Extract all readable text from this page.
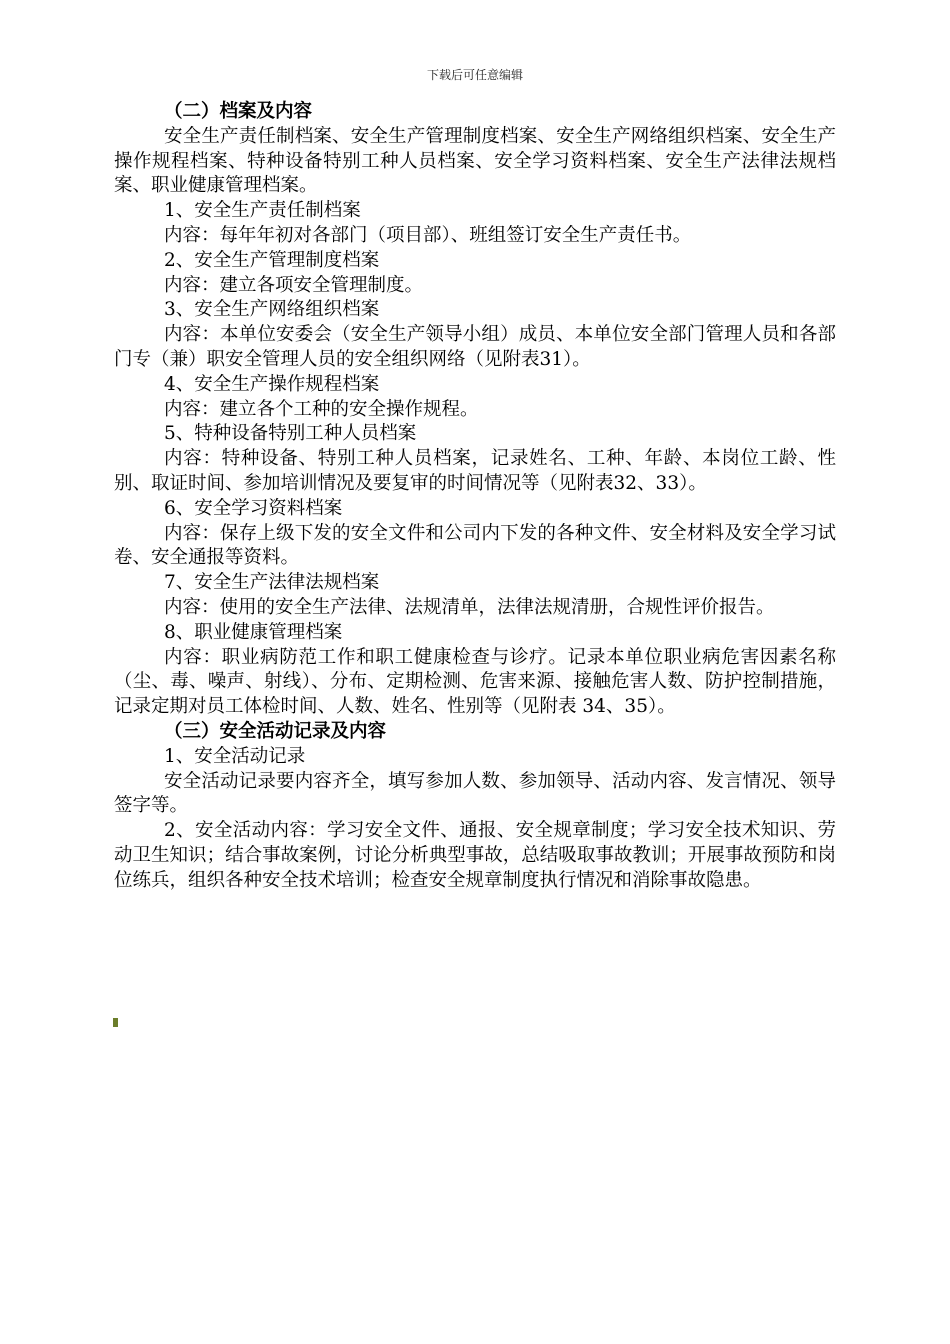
下载后可任意编辑

（二）档案及内容

安全生产责任制档案、安全生产管理制度档案、安全生产网络组织档案、安全生产操作规程档案、特种设备特别工种人员档案、安全学习资料档案、安全生产法律法规档案、职业健康管理档案。

1、安全生产责任制档案

内容：每年年初对各部门（项目部）、班组签订安全生产责任书。

2、安全生产管理制度档案

内容：建立各项安全管理制度。

3、安全生产网络组织档案

内容：本单位安委会（安全生产领导小组）成员、本单位安全部门管理人员和各部门专（兼）职安全管理人员的安全组织网络（见附表31）。

4、安全生产操作规程档案

内容：建立各个工种的安全操作规程。

5、特种设备特别工种人员档案

内容：特种设备、特别工种人员档案，记录姓名、工种、年龄、本岗位工龄、性别、取证时间、参加培训情况及要复审的时间情况等（见附表32、33）。

6、安全学习资料档案

内容：保存上级下发的安全文件和公司内下发的各种文件、安全材料及安全学习试卷、安全通报等资料。

7、安全生产法律法规档案

内容：使用的安全生产法律、法规清单，法律法规清册，合规性评价报告。

8、职业健康管理档案

内容：职业病防范工作和职工健康检查与诊疗。记录本单位职业病危害因素名称（尘、毒、噪声、射线）、分布、定期检测、危害来源、接触危害人数、防护控制措施，记录定期对员工体检时间、人数、姓名、性别等（见附表 34、35）。

（三）安全活动记录及内容

1、安全活动记录

安全活动记录要内容齐全，填写参加人数、参加领导、活动内容、发言情况、领导签字等。

2、安全活动内容：学习安全文件、通报、安全规章制度；学习安全技术知识、劳动卫生知识；结合事故案例，讨论分析典型事故，总结吸取事故教训；开展事故预防和岗位练兵，组织各种安全技术培训；检查安全规章制度执行情况和消除事故隐患。
